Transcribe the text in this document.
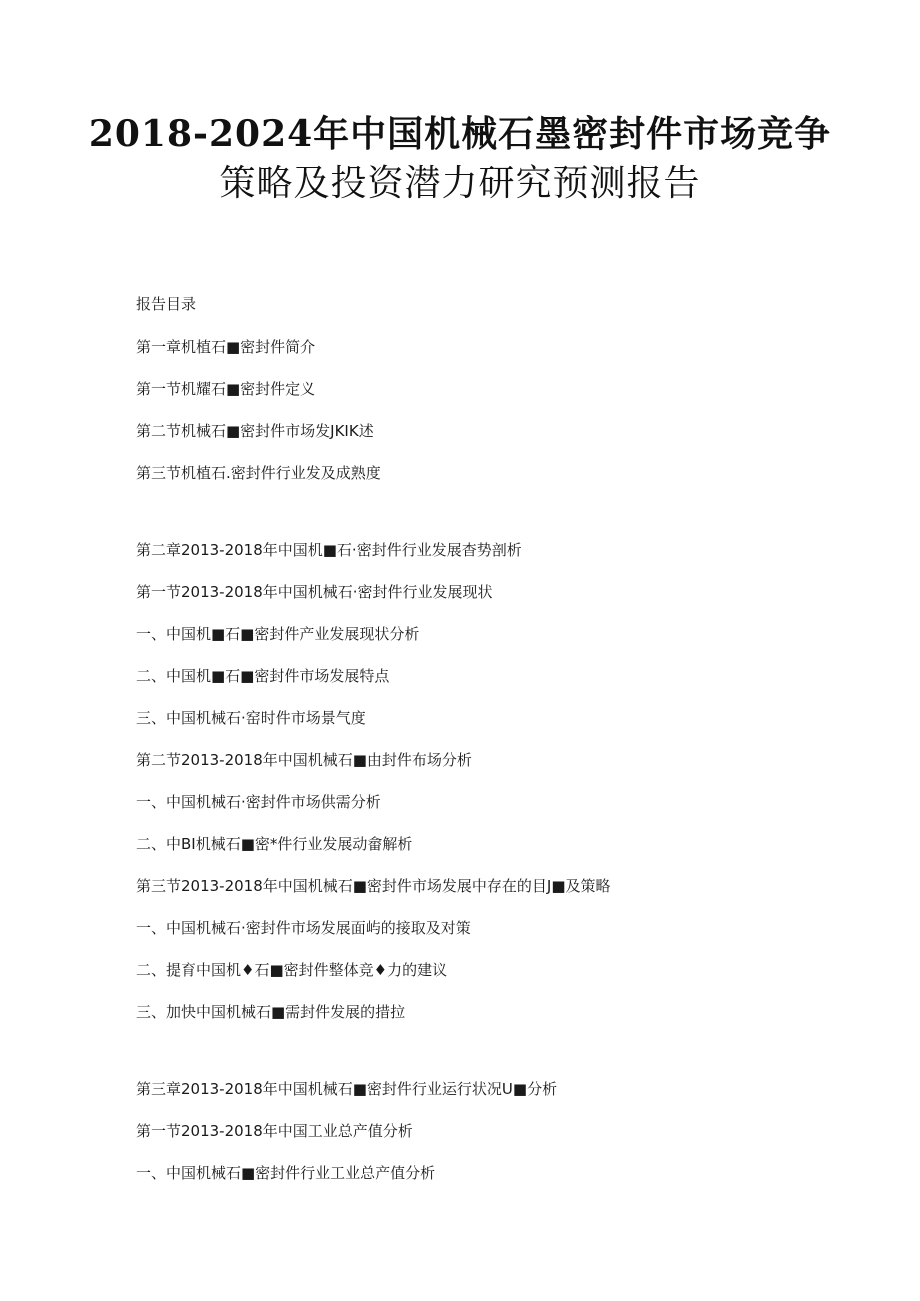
2018-2024年中国机械石墨密封件市场竞争
策略及投资潜力研究预测报告
报告目录
第一章机植石■密封件简介
第一节机耀石■密封件定义
第二节机械石■密封件市场发JKIK述
第三节机植石.密封件行业发及成熟度
第二章2013-2018年中国机■石·密封件行业发展杳势剖析
第一节2013-2018年中国机械石·密封件行业发展现状
一、中国机■石■密封件产业发展现状分析
二、中国机■石■密封件市场发展特点
三、中国机械石·窑时件市场景气度
第二节2013-2018年中国机械石■由封件布场分析
一、中国机械石·密封件市场供需分析
二、中BI机械石■密*件行业发展动畲解析
第三节2013-2018年中国机械石■密封件市场发展中存在的目J■及策略
一、中国机械石·密封件市场发展面屿的接取及对策
二、提育中国机♦石■密封件整体竞♦力的建议
三、加快中国机械石■需封件发展的措拉
第三章2013-2018年中国机械石■密封件行业运行状况U■分析
第一节2013-2018年中国工业总产值分析
一、中国机械石■密封件行业工业总产值分析
